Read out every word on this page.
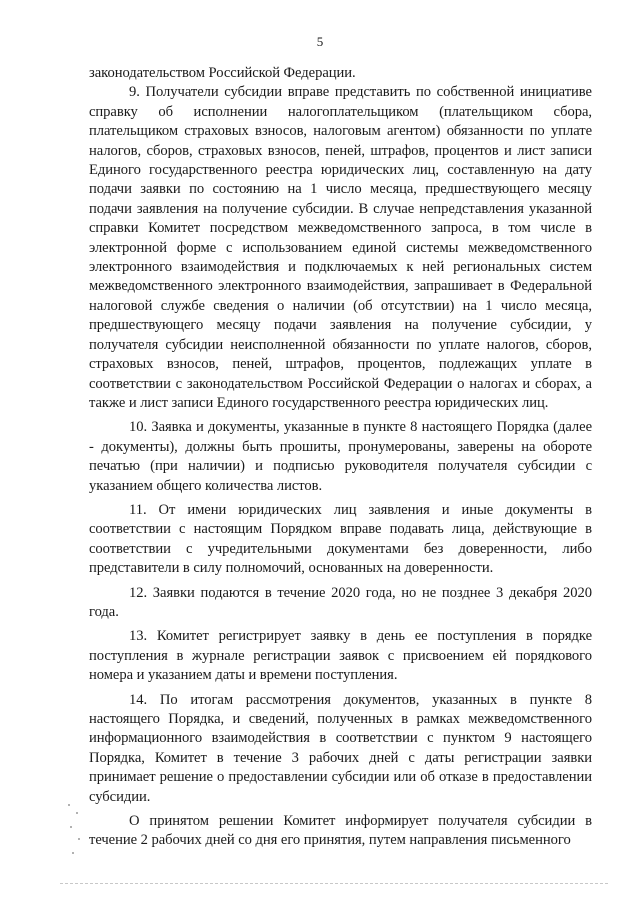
5

законодательством Российской Федерации.

9. Получатели субсидии вправе представить по собственной инициативе справку об исполнении налогоплательщиком (плательщиком сбора, плательщиком страховых взносов, налоговым агентом) обязанности по уплате налогов, сборов, страховых взносов, пеней, штрафов, процентов и лист записи Единого государственного реестра юридических лиц, составленную на дату подачи заявки по состоянию на 1 число месяца, предшествующего месяцу подачи заявления на получение субсидии. В случае непредставления указанной справки Комитет посредством межведомственного запроса, в том числе в электронной форме с использованием единой системы межведомственного электронного взаимодействия и подключаемых к ней региональных систем межведомственного электронного взаимодействия, запрашивает в Федеральной налоговой службе сведения о наличии (об отсутствии) на 1 число месяца, предшествующего месяцу подачи заявления на получение субсидии, у получателя субсидии неисполненной обязанности по уплате налогов, сборов, страховых взносов, пеней, штрафов, процентов, подлежащих уплате в соответствии с законодательством Российской Федерации о налогах и сборах, а также и лист записи Единого государственного реестра юридических лиц.

10. Заявка и документы, указанные в пункте 8 настоящего Порядка (далее - документы), должны быть прошиты, пронумерованы, заверены на обороте печатью (при наличии) и подписью руководителя получателя субсидии с указанием общего количества листов.

11. От имени юридических лиц заявления и иные документы в соответствии с настоящим Порядком вправе подавать лица, действующие в соответствии с учредительными документами без доверенности, либо представители в силу полномочий, основанных на доверенности.

12. Заявки подаются в течение 2020 года, но не позднее 3 декабря 2020 года.

13. Комитет регистрирует заявку в день ее поступления в порядке поступления в журнале регистрации заявок с присвоением ей порядкового номера и указанием даты и времени поступления.

14. По итогам рассмотрения документов, указанных в пункте 8 настоящего Порядка, и сведений, полученных в рамках межведомственного информационного взаимодействия в соответствии с пунктом 9 настоящего Порядка, Комитет в течение 3 рабочих дней с даты регистрации заявки принимает решение о предоставлении субсидии или об отказе в предоставлении субсидии.

О принятом решении Комитет информирует получателя субсидии в течение 2 рабочих дней со дня его принятия, путем направления письменного
